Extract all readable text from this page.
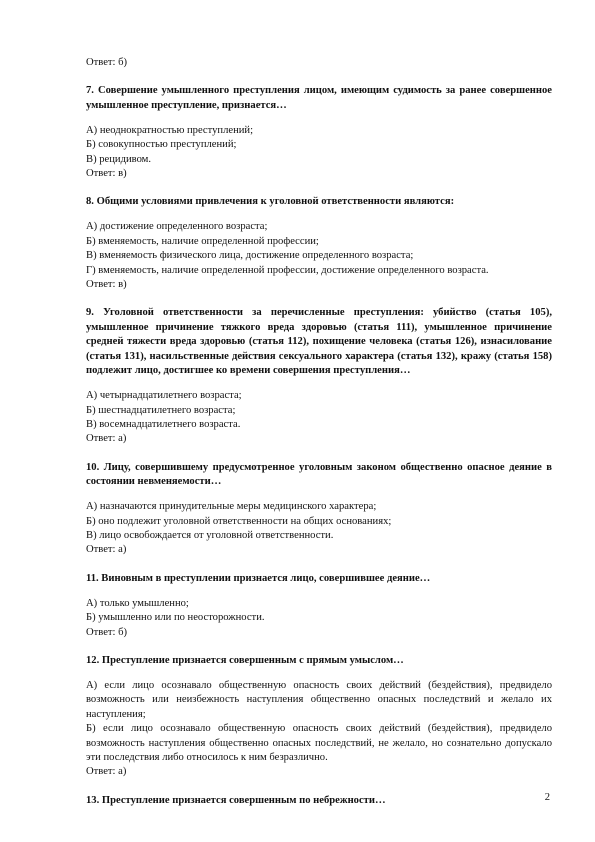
Ответ: б)

7. Совершение умышленного преступления лицом, имеющим судимость за ранее совершенное умышленное преступление, признается…

А) неоднократностью преступлений;

Б) совокупностью преступлений;

В) рецидивом.

Ответ: в)

8. Общими условиями привлечения к уголовной ответственности являются:

А) достижение определенного возраста;

Б) вменяемость, наличие определенной профессии;

В) вменяемость физического лица, достижение определенного возраста;

Г) вменяемость, наличие определенной профессии, достижение определенного возраста.

Ответ: в)

9. Уголовной ответственности за перечисленные преступления: убийство (статья 105), умышленное причинение тяжкого вреда здоровью (статья 111), умышленное причинение средней тяжести вреда здоровью (статья 112), похищение человека (статья 126), изнасилование (статья 131), насильственные действия сексуального характера (статья 132), кражу (статья 158) подлежит лицо, достигшее ко времени совершения преступления…

А) четырнадцатилетнего возраста;

Б) шестнадцатилетнего возраста;

В) восемнадцатилетнего возраста.

Ответ: а)

10. Лицу, совершившему предусмотренное уголовным законом общественно опасное деяние в состоянии невменяемости…

А) назначаются принудительные меры медицинского характера;

Б) оно подлежит уголовной ответственности на общих основаниях;

В) лицо освобождается от уголовной ответственности.

Ответ: а)

11. Виновным в преступлении признается лицо, совершившее деяние…

А) только умышленно;

Б) умышленно или по неосторожности.

Ответ: б)

12. Преступление признается совершенным с прямым умыслом…

А) если лицо осознавало общественную опасность своих действий (бездействия), предвидело возможность или неизбежность наступления общественно опасных последствий и желало их наступления;

Б) если лицо осознавало общественную опасность своих действий (бездействия), предвидело возможность наступления общественно опасных последствий, не желало, но сознательно допускало эти последствия либо относилось к ним безразлично.

Ответ: а)

13. Преступление признается совершенным по небрежности…	2
